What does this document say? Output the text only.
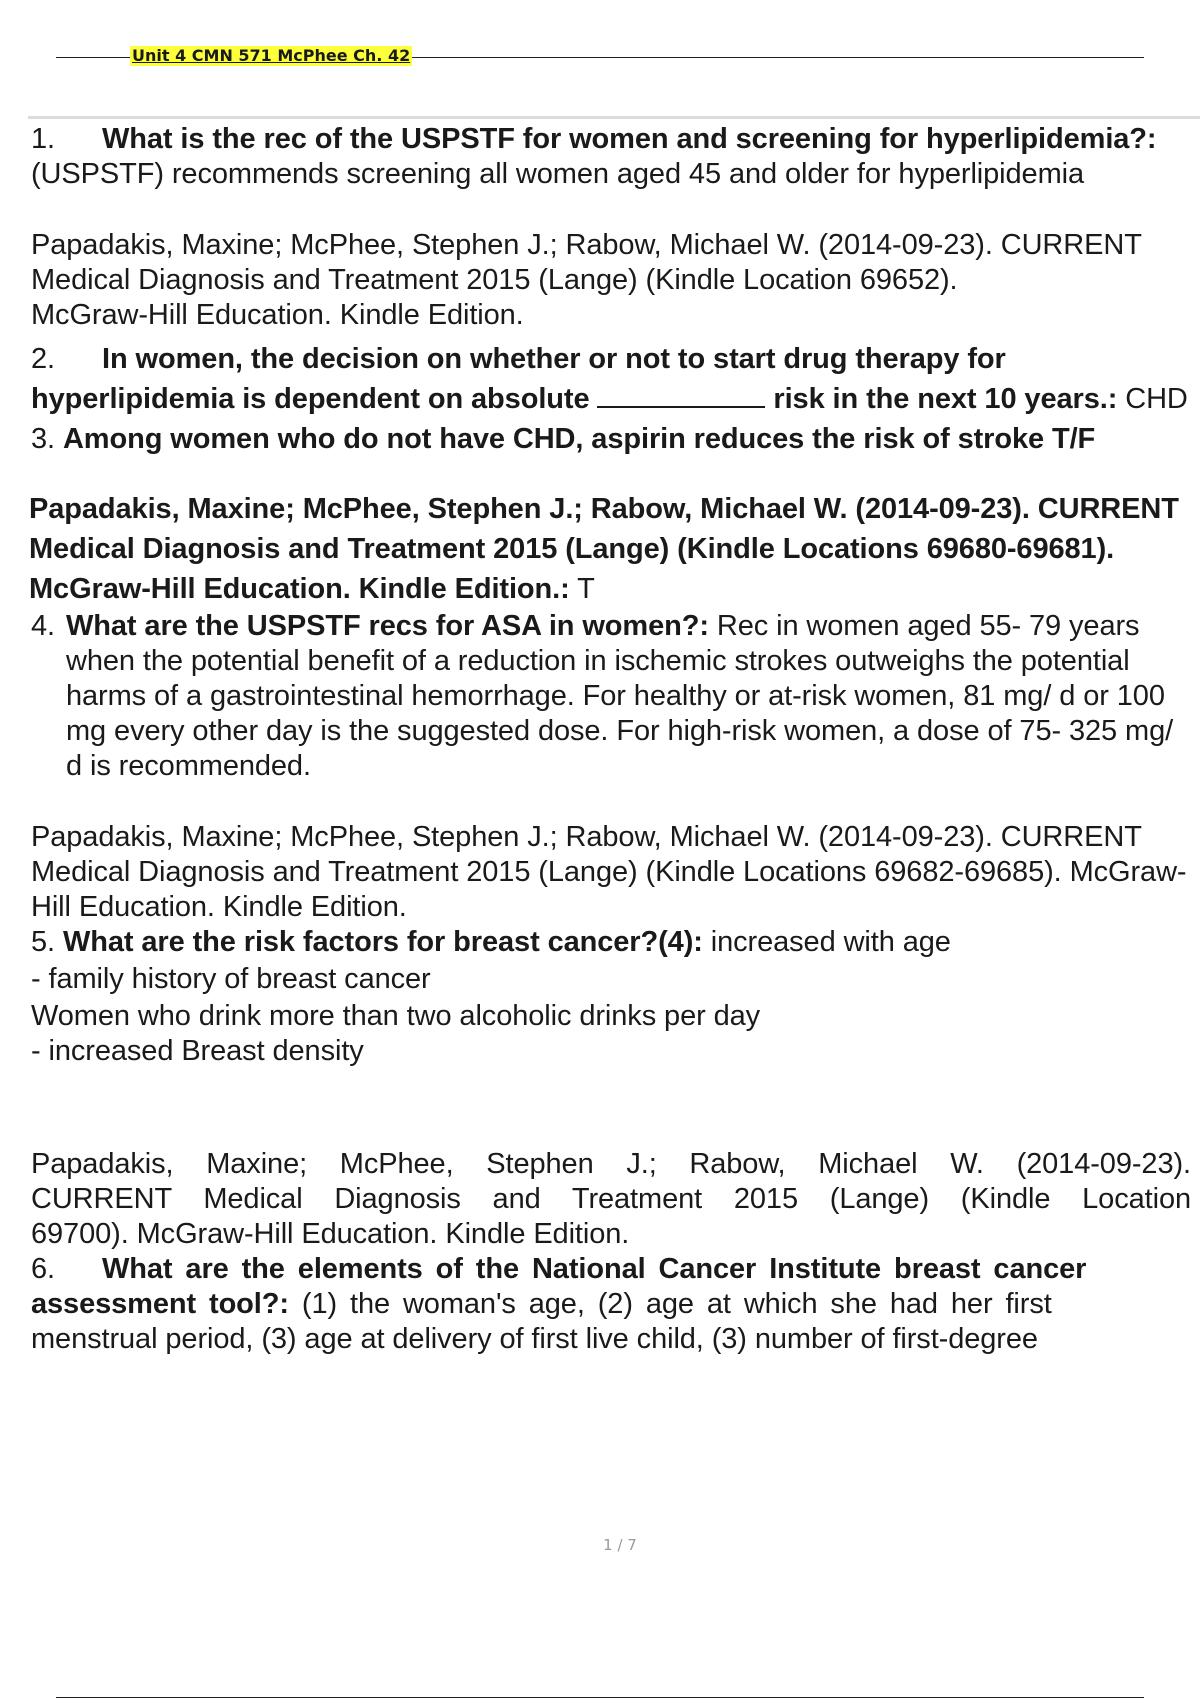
Unit 4 CMN 571 McPhee Ch. 42

1. What is the rec of the USPSTF for women and screening for hyperlipidemia?: (USPSTF) recommends screening all women aged 45 and older for hyperlipidemia

Papadakis, Maxine; McPhee, Stephen J.; Rabow, Michael W. (2014-09-23). CURRENT Medical Diagnosis and Treatment 2015 (Lange) (Kindle Location 69652).

McGraw-Hill Education. Kindle Edition.

2. In women, the decision on whether or not to start drug therapy for hyperlipidemia is dependent on absolute	risk in the next 10 years.: CHD 3. Among women who do not have CHD, aspirin reduces the risk of stroke T/F

Papadakis, Maxine; McPhee, Stephen J.; Rabow, Michael W. (2014-09-23). CURRENT Medical Diagnosis and Treatment 2015 (Lange) (Kindle Locations 69680-69681). McGraw-Hill Education. Kindle Edition.: T

4. What are the USPSTF recs for ASA in women?: Rec in women aged 55- 79 years when the potential benefit of a reduction in ischemic strokes outweighs the potential harms of a gastrointestinal hemorrhage. For healthy or at-risk women, 81 mg/ d or 100 mg every other day is the suggested dose. For high-risk women, a dose of 75- 325 mg/ d is recommended.

Papadakis, Maxine; McPhee, Stephen J.; Rabow, Michael W. (2014-09-23). CURRENT Medical Diagnosis and Treatment 2015 (Lange) (Kindle Locations 69682-69685). McGraw-Hill Education. Kindle Edition.

5. What are the risk factors for breast cancer?(4): increased with age

- family history of breast cancer

Women who drink more than two alcoholic drinks per day

- increased Breast density

Papadakis, Maxine; McPhee, Stephen J.; Rabow, Michael W. (2014-09-23).

CURRENT Medical Diagnosis and Treatment 2015 (Lange) (Kindle Location

69700). McGraw-Hill Education. Kindle Edition.

6. What are the elements of the National Cancer Institute breast cancer

assessment tool?: (1) the woman's age, (2) age at which she had her first

menstrual period, (3) age at delivery of first live child, (3) number of first-degree

1 / 7
